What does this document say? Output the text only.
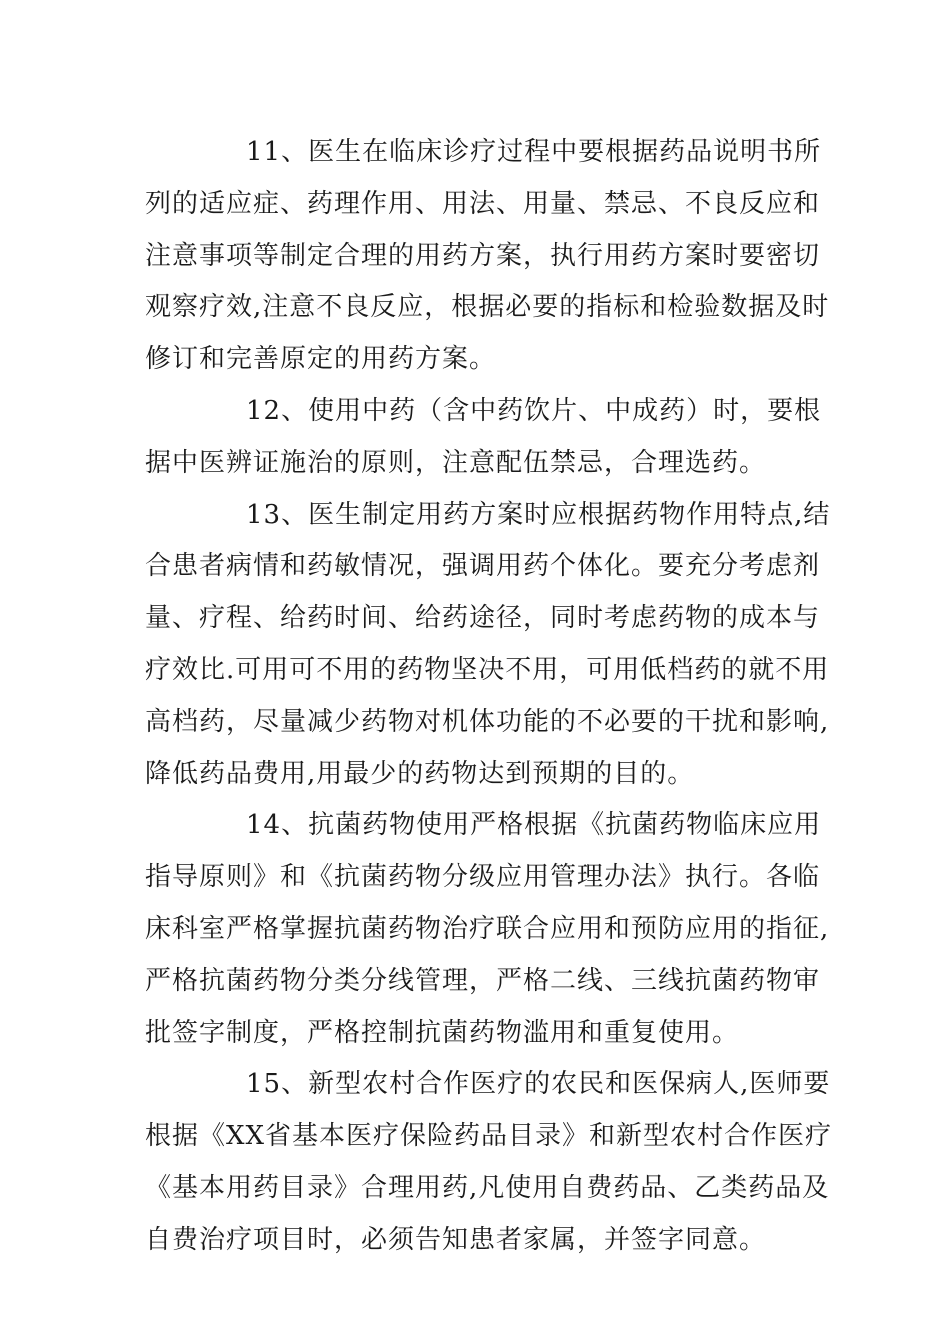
11、医生在临床诊疗过程中要根据药品说明书所
列的适应症、药理作用、用法、用量、禁忌、不良反应和
注意事项等制定合理的用药方案，执行用药方案时要密切
观察疗效,注意不良反应，根据必要的指标和检验数据及时
修订和完善原定的用药方案。

12、使用中药（含中药饮片、中成药）时，要根
据中医辨证施治的原则，注意配伍禁忌，合理选药。

13、医生制定用药方案时应根据药物作用特点,结
合患者病情和药敏情况，强调用药个体化。要充分考虑剂
量、疗程、给药时间、给药途径，同时考虑药物的成本与
疗效比.可用可不用的药物坚决不用，可用低档药的就不用
高档药，尽量减少药物对机体功能的不必要的干扰和影响,
降低药品费用,用最少的药物达到预期的目的。

14、抗菌药物使用严格根据《抗菌药物临床应用
指导原则》和《抗菌药物分级应用管理办法》执行。各临
床科室严格掌握抗菌药物治疗联合应用和预防应用的指征,
严格抗菌药物分类分线管理，严格二线、三线抗菌药物审
批签字制度，严格控制抗菌药物滥用和重复使用。

15、新型农村合作医疗的农民和医保病人,医师要
根据《XX省基本医疗保险药品目录》和新型农村合作医疗
《基本用药目录》合理用药,凡使用自费药品、乙类药品及
自费治疗项目时，必须告知患者家属，并签字同意。
